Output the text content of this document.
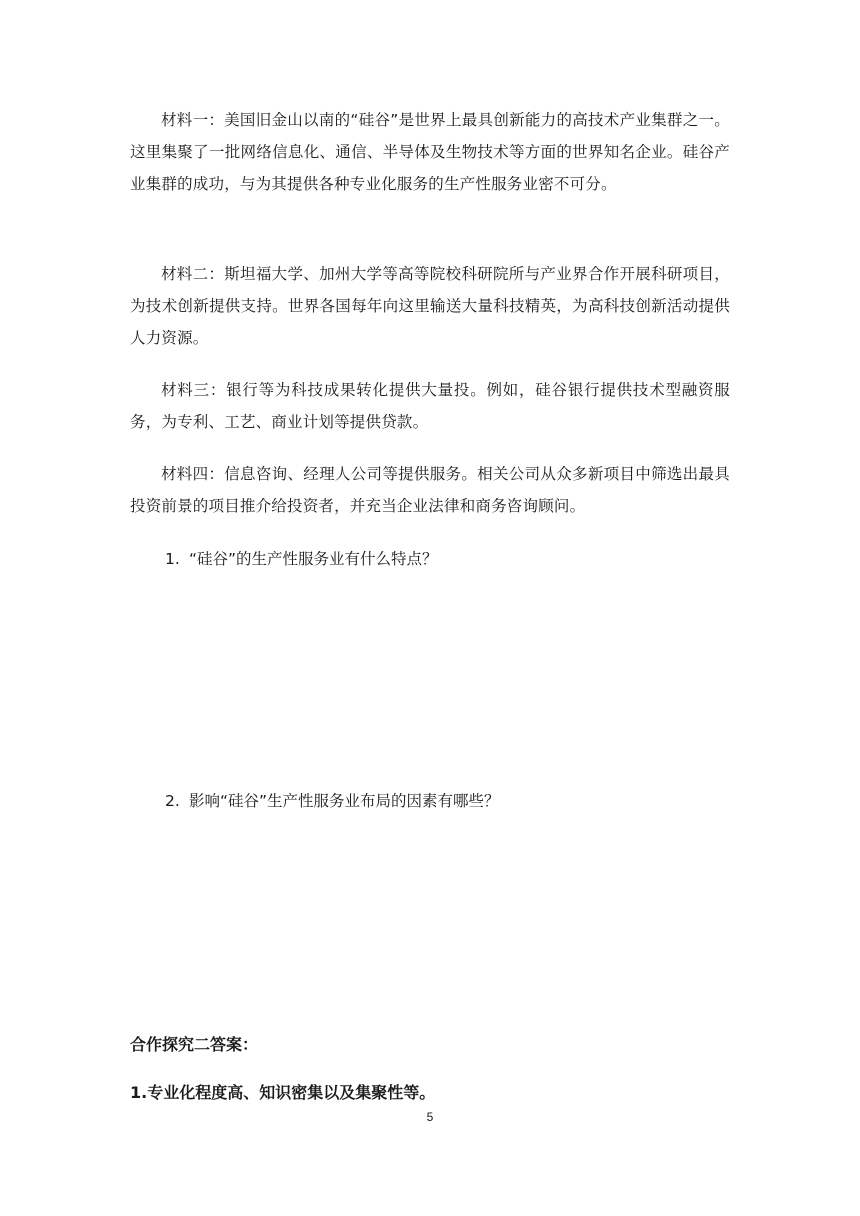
材料一：美国旧金山以南的“硅谷”是世界上最具创新能力的高技术产业集群之一。 这里集聚了一批网络信息化、通信、半导体及生物技术等方面的世界知名企业。硅谷产业集群的成功，与为其提供各种专业化服务的生产性服务业密不可分。

材料二：斯坦福大学、加州大学等高等院校科研院所与产业界合作开展科研项目，为技术创新提供支持。世界各国每年向这里输送大量科技精英，为高科技创新活动提供人力资源。

材料三：银行等为科技成果转化提供大量投。例如，硅谷银行提供技术型融资服务，为专利、工艺、商业计划等提供贷款。

材料四：信息咨询、经理人公司等提供服务。相关公司从众多新项目中筛选出最具投资前景的项目推介给投资者，并充当企业法律和商务咨询顾问。

1. “硅谷”的生产性服务业有什么特点？

2. 影响“硅谷”生产性服务业布局的因素有哪些？

合作探究二答案：

1.专业化程度高、知识密集以及集聚性等。

5
